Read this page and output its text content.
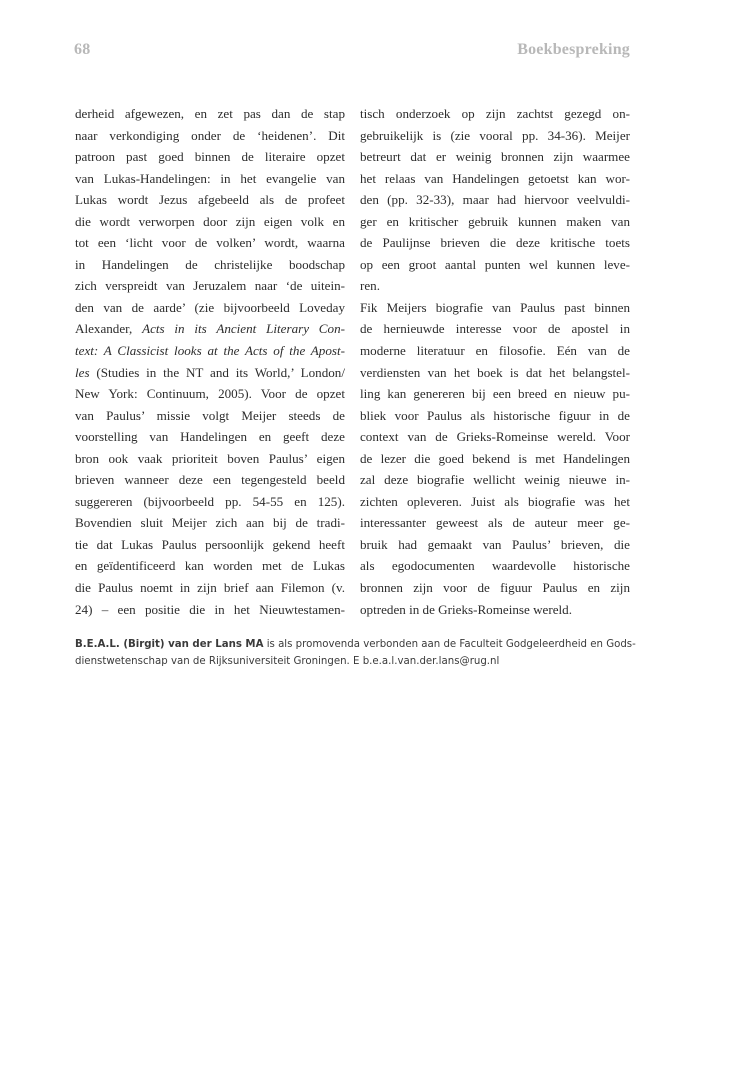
68	Boekbespreking
derheid afgewezen, en zet pas dan de stap
naar verkondiging onder de ‘heidenen’. Dit
patroon past goed binnen de literaire opzet
van Lukas-Handelingen: in het evangelie van
Lukas wordt Jezus afgebeeld als de profeet
die wordt verworpen door zijn eigen volk en
tot een ‘licht voor de volken’ wordt, waarna
in Handelingen de christelijke boodschap
zich verspreidt van Jeruzalem naar ‘de uitein-
den van de aarde’ (zie bijvoorbeeld Loveday
Alexander, Acts in its Ancient Literary Con-
text: A Classicist looks at the Acts of the Apost-
les (Studies in the NT and its World,’ London/
New York: Continuum, 2005). Voor de opzet
van Paulus’ missie volgt Meijer steeds de
voorstelling van Handelingen en geeft deze
bron ook vaak prioriteit boven Paulus’ eigen
brieven wanneer deze een tegengesteld beeld
suggereren (bijvoorbeeld pp. 54-55 en 125).
Bovendien sluit Meijer zich aan bij de tradi-
tie dat Lukas Paulus persoonlijk gekend heeft
en geïdentificeerd kan worden met de Lukas
die Paulus noemt in zijn brief aan Filemon (v.
24) – een positie die in het Nieuwtestamen-
tisch onderzoek op zijn zachtst gezegd on-
gebruikelijk is (zie vooral pp. 34-36). Meijer
betreurt dat er weinig bronnen zijn waarmee
het relaas van Handelingen getoetst kan wor-
den (pp. 32-33), maar had hiervoor veelvuldi-
ger en kritischer gebruik kunnen maken van
de Paulijnse brieven die deze kritische toets
op een groot aantal punten wel kunnen leve-
ren.
Fik Meijers biografie van Paulus past binnen
de hernieuwde interesse voor de apostel in
moderne literatuur en filosofie. Eén van de
verdiensten van het boek is dat het belangstel-
ling kan genereren bij een breed en nieuw pu-
bliek voor Paulus als historische figuur in de
context van de Grieks-Romeinse wereld. Voor
de lezer die goed bekend is met Handelingen
zal deze biografie wellicht weinig nieuwe in-
zichten opleveren. Juist als biografie was het
interessanter geweest als de auteur meer ge-
bruik had gemaakt van Paulus’ brieven, die
als egodocumenten waardevolle historische
bronnen zijn voor de figuur Paulus en zijn
optreden in de Grieks-Romeinse wereld.
B.E.A.L. (Birgit) van der Lans MA is als promovenda verbonden aan de Faculteit Godgeleerdheid en Gods-
dienstwetenschap van de Rijksuniversiteit Groningen. E b.e.a.l.van.der.lans@rug.nl
